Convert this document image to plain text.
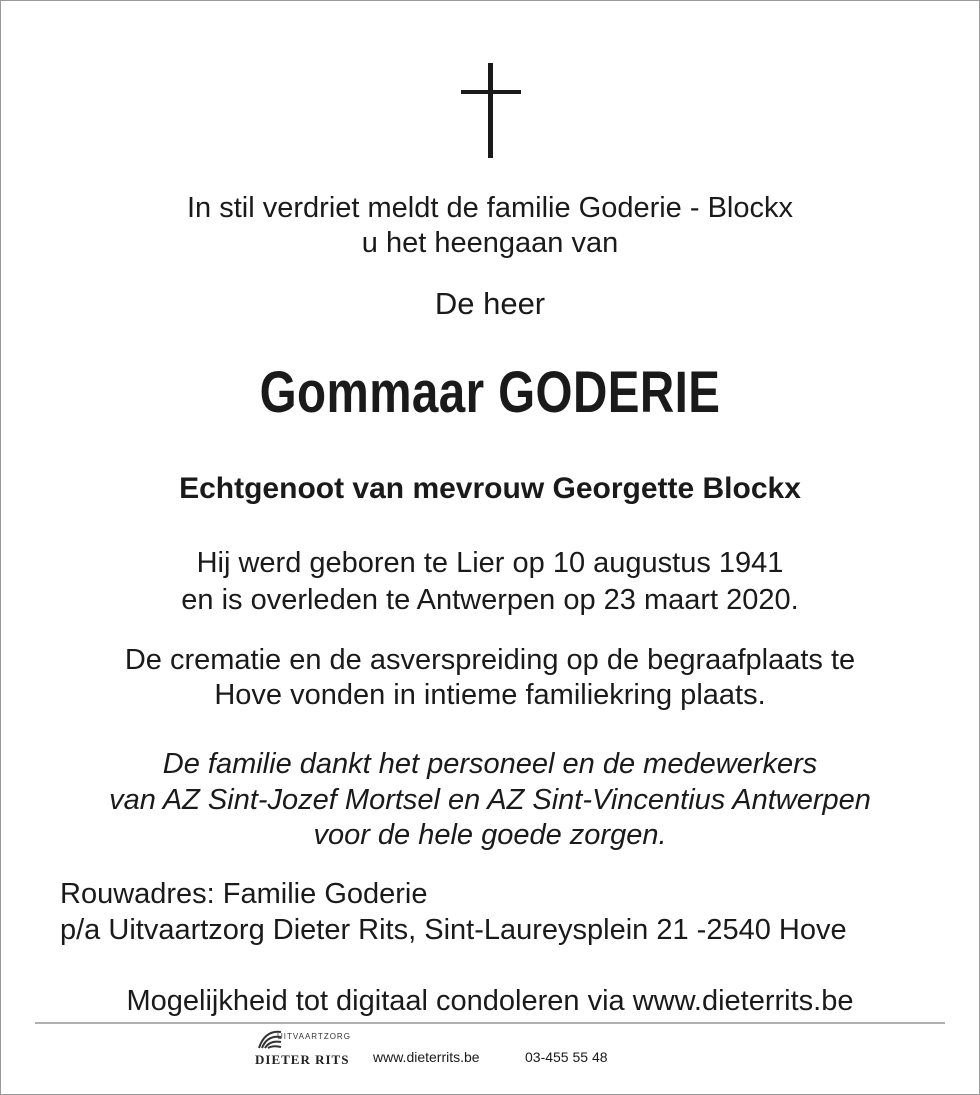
In stil verdriet meldt de familie Goderie - Blockx
u het heengaan van
De heer
Gommaar GODERIE
Echtgenoot van mevrouw Georgette Blockx
Hij werd geboren te Lier op 10 augustus 1941
en is overleden te Antwerpen op 23 maart 2020.
De crematie en de asverspreiding op de begraafplaats te
Hove vonden in intieme familiekring plaats.
De familie dankt het personeel en de medewerkers
van AZ Sint-Jozef Mortsel en AZ Sint-Vincentius Antwerpen
voor de hele goede zorgen.
Rouwadres: Familie Goderie
p/a Uitvaartzorg Dieter Rits, Sint-Laureysplein 21 -2540 Hove
Mogelijkheid tot digitaal condoleren via www.dieterrits.be
UITVAARTZORG
DIETER RITS www.dieterrits.be	03-455 55 48
